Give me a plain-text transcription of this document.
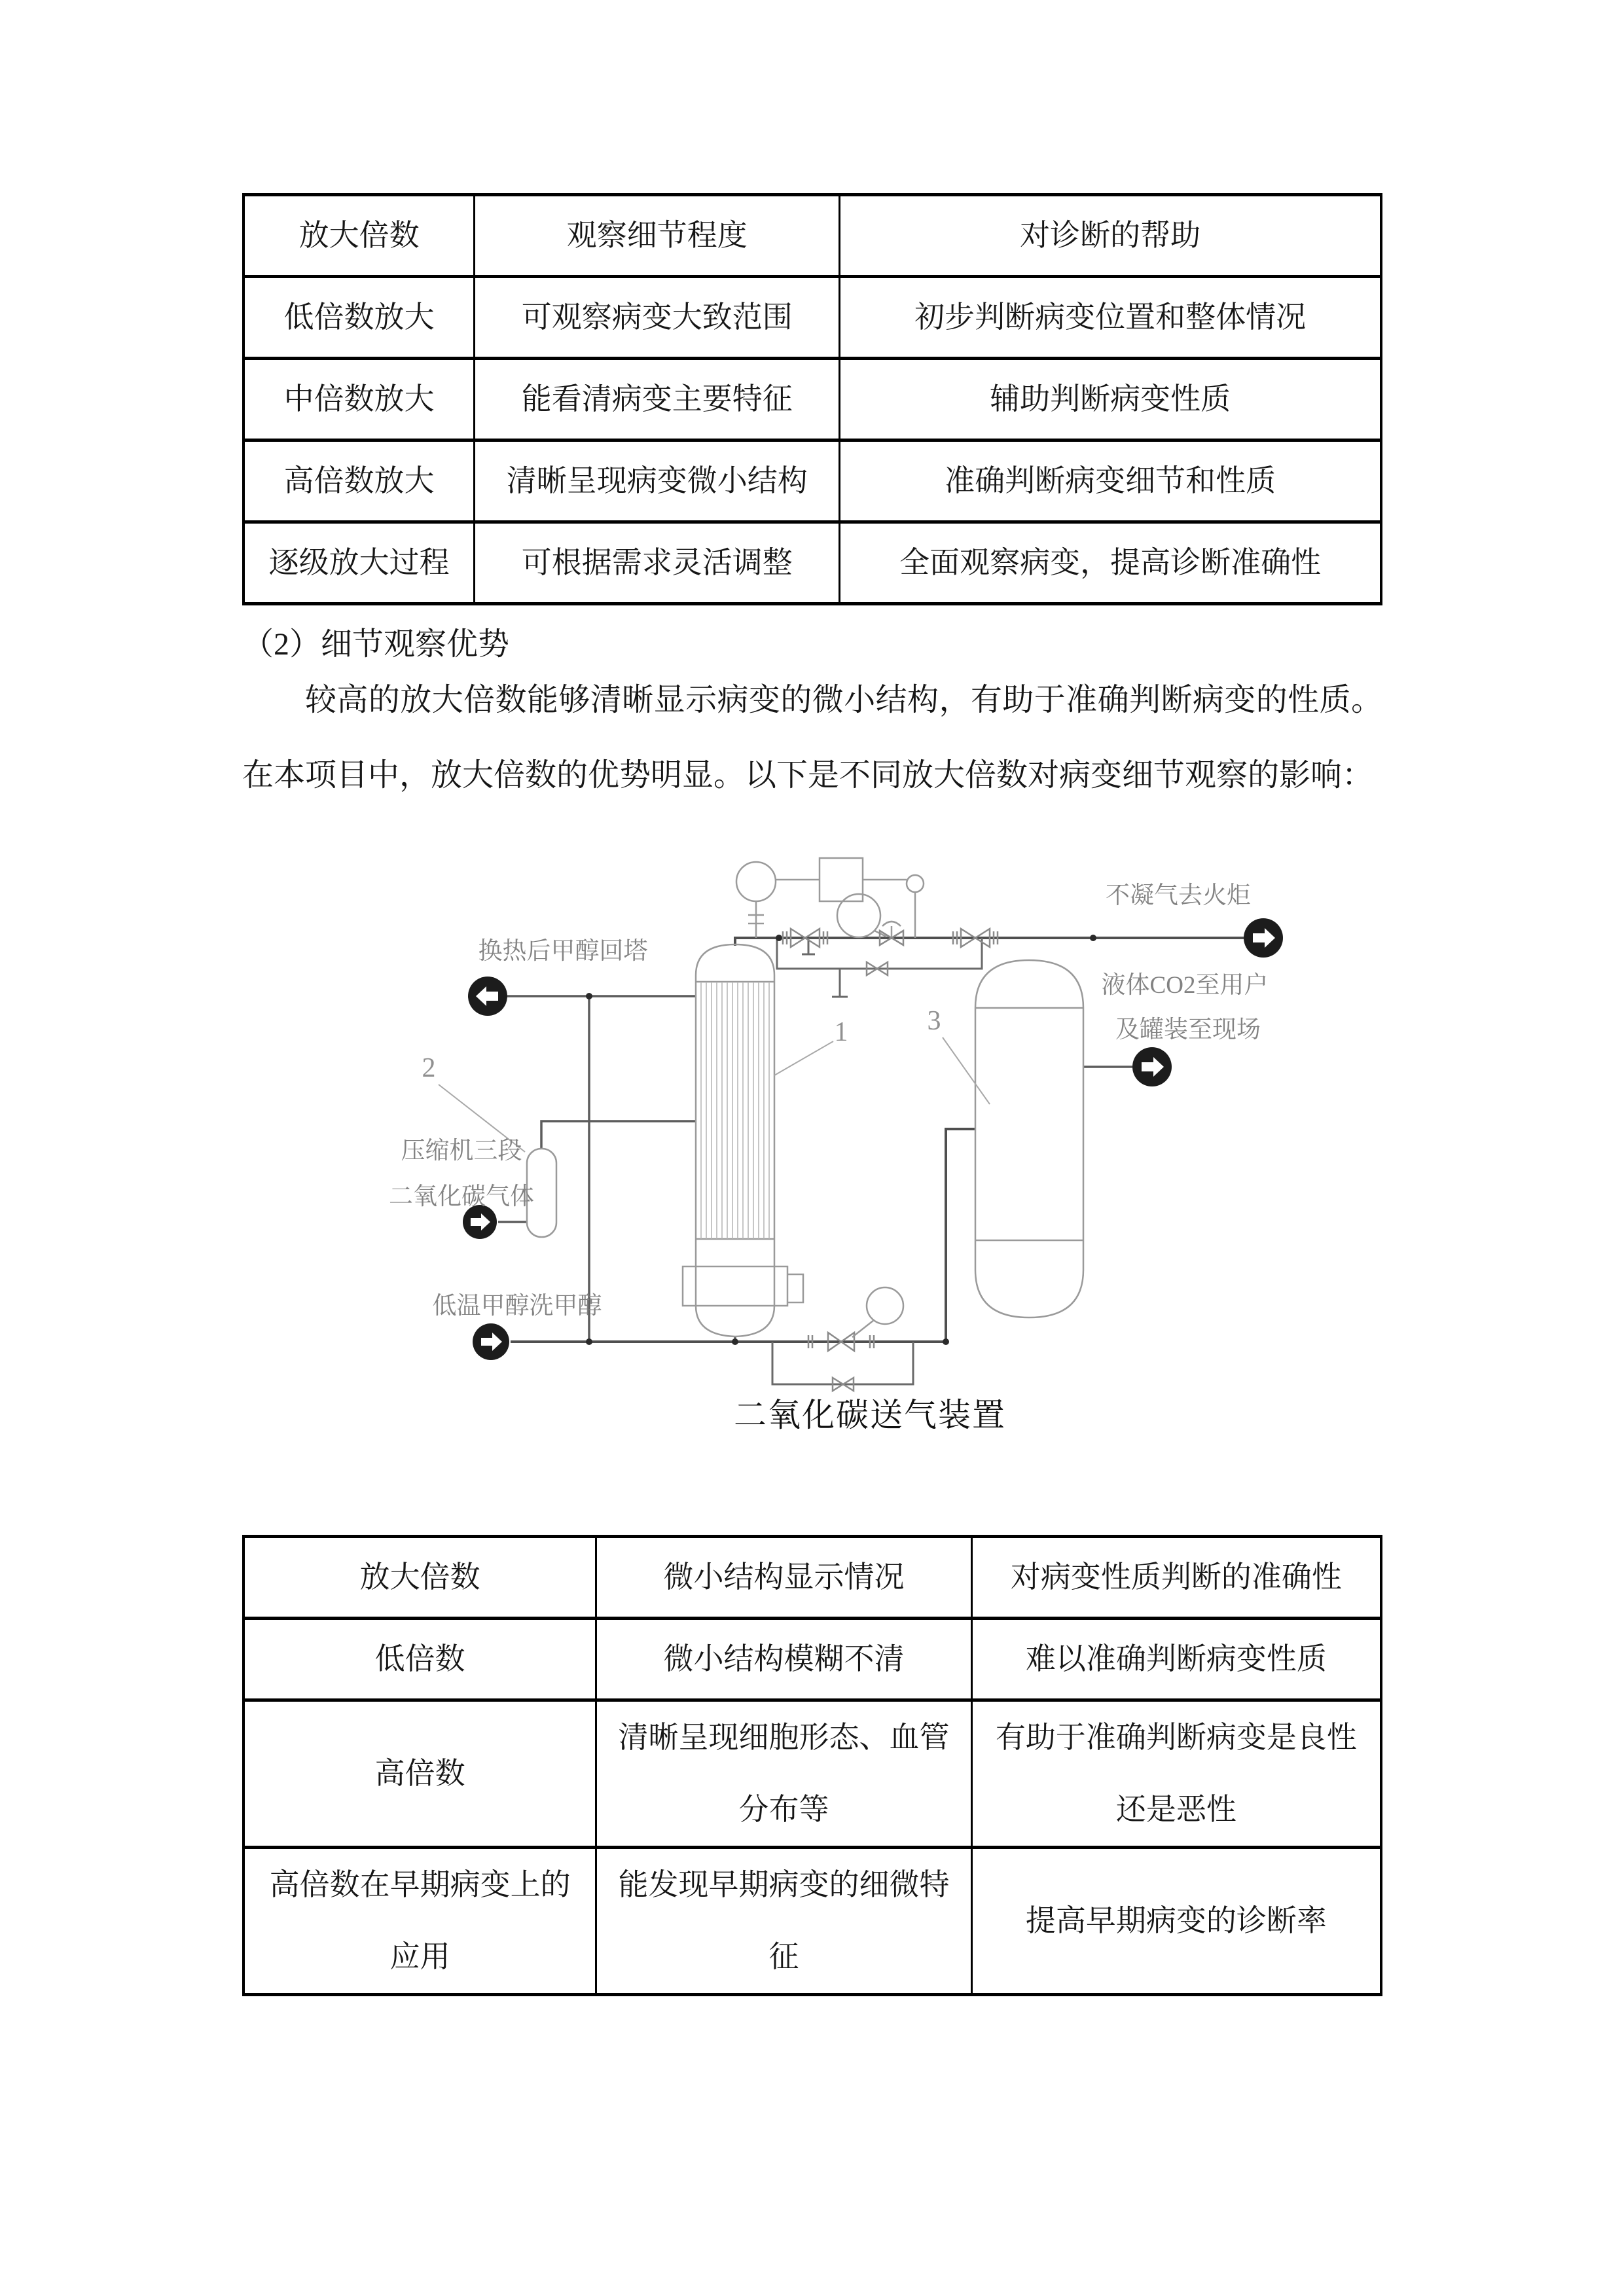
放大倍数	观察细节程度	对诊断的帮助
低倍数放大	可观察病变大致范围	初步判断病变位置和整体情况
中倍数放大	能看清病变主要特征	辅助判断病变性质
高倍数放大	清晰呈现病变微小结构	准确判断病变细节和性质
逐级放大过程	可根据需求灵活调整	全面观察病变，提高诊断准确性
（2）细节观察优势
较高的放大倍数能够清晰显示病变的微小结构，有助于准确判断病变的性质。在本项目中，放大倍数的优势明显。以下是不同放大倍数对病变细节观察的影响：
不凝气去火炬
换热后甲醇回塔
液体CO2至用户
及罐装至现场
压缩机三段
二氧化碳气体
低温甲醇洗甲醇
1
2
3
二氧化碳送气装置
放大倍数	微小结构显示情况	对病变性质判断的准确性
低倍数	微小结构模糊不清	难以准确判断病变性质
高倍数	清晰呈现细胞形态、血管分布等	有助于准确判断病变是良性还是恶性
高倍数在早期病变上的应用	能发现早期病变的细微特征	提高早期病变的诊断率
